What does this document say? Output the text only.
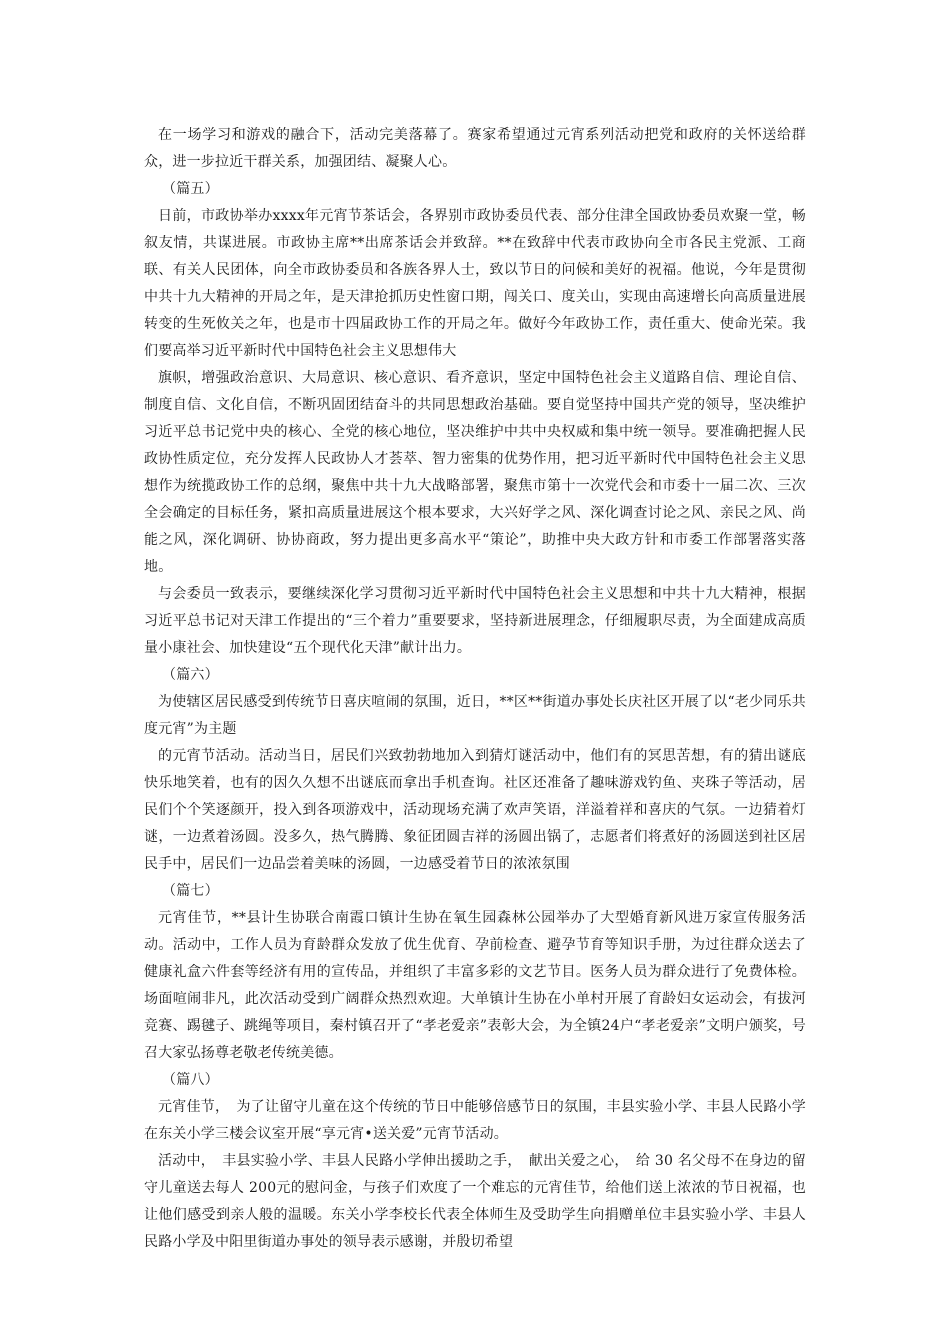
在一场学习和游戏的融合下，活动完美落幕了。赛家希望通过元宵系列活动把党和政府的关怀送给群众，进一步拉近干群关系，加强团结、凝聚人心。

（篇五）

日前，市政协举办xxxx年元宵节茶话会，各界别市政协委员代表、部分住津全国政协委员欢聚一堂，畅叙友情，共谋进展。市政协主席**出席茶话会并致辞。**在致辞中代表市政协向全市各民主党派、工商联、有关人民团体，向全市政协委员和各族各界人士，致以节日的问候和美好的祝福。他说，今年是贯彻中共十九大精神的开局之年，是天津抢抓历史性窗口期，闯关口、度关山，实现由高速增长向高质量进展转变的生死攸关之年，也是市十四届政协工作的开局之年。做好今年政协工作，责任重大、使命光荣。我们要高举习近平新时代中国特色社会主义思想伟大

旗帜，增强政治意识、大局意识、核心意识、看齐意识，坚定中国特色社会主义道路自信、理论自信、制度自信、文化自信，不断巩固团结奋斗的共同思想政治基础。要自觉坚持中国共产党的领导，坚决维护习近平总书记党中央的核心、全党的核心地位，坚决维护中共中央权威和集中统一领导。要准确把握人民政协性质定位，充分发挥人民政协人才荟萃、智力密集的优势作用，把习近平新时代中国特色社会主义思想作为统揽政协工作的总纲，聚焦中共十九大战略部署，聚焦市第十一次党代会和市委十一届二次、三次全会确定的目标任务，紧扣高质量进展这个根本要求，大兴好学之风、深化调查讨论之风、亲民之风、尚能之风，深化调研、协协商政，努力提出更多高水平“策论”，助推中央大政方针和市委工作部署落实落地。

与会委员一致表示，要继续深化学习贯彻习近平新时代中国特色社会主义思想和中共十九大精神，根据习近平总书记对天津工作提出的“三个着力”重要要求，坚持新进展理念，仔细履职尽责，为全面建成高质量小康社会、加快建设“五个现代化天津”献计出力。

（篇六）

为使辖区居民感受到传统节日喜庆喧闹的氛围，近日，**区**街道办事处长庆社区开展了以“老少同乐共度元宵”为主题

的元宵节活动。活动当日，居民们兴致勃勃地加入到猜灯谜活动中，他们有的冥思苦想，有的猜出谜底快乐地笑着，也有的因久久想不出谜底而拿出手机查询。社区还准备了趣味游戏钓鱼、夹珠子等活动，居民们个个笑逐颜开，投入到各项游戏中，活动现场充满了欢声笑语，洋溢着祥和喜庆的气氛。一边猜着灯谜，一边煮着汤圆。没多久，热气腾腾、象征团圆吉祥的汤圆出锅了，志愿者们将煮好的汤圆送到社区居民手中，居民们一边品尝着美味的汤圆，一边感受着节日的浓浓氛围

（篇七）

元宵佳节，**县计生协联合南霞口镇计生协在氧生园森林公园举办了大型婚育新风进万家宣传服务活动。活动中，工作人员为育龄群众发放了优生优育、孕前检查、避孕节育等知识手册，为过往群众送去了健康礼盒六件套等经济有用的宣传品，并组织了丰富多彩的文艺节目。医务人员为群众进行了免费体检。场面喧闹非凡，此次活动受到广阔群众热烈欢迎。大单镇计生协在小单村开展了育龄妇女运动会，有拔河竞赛、踢毽子、跳绳等项目，秦村镇召开了“孝老爱亲”表彰大会，为全镇24户“孝老爱亲”文明户颁奖，号召大家弘扬尊老敬老传统美德。

（篇八）

元宵佳节，　为了让留守儿童在这个传统的节日中能够倍感节日的氛围，丰县实验小学、丰县人民路小学在东关小学三楼会议室开展“享元宵•送关爱”元宵节活动。

活动中，　丰县实验小学、丰县人民路小学伸出援助之手，　献出关爱之心，　给 30 名父母不在身边的留守儿童送去每人 200元的慰问金，与孩子们欢度了一个难忘的元宵佳节，给他们送上浓浓的节日祝福，也让他们感受到亲人般的温暖。东关小学李校长代表全体师生及受助学生向捐赠单位丰县实验小学、丰县人民路小学及中阳里街道办事处的领导表示感谢，并殷切希望
